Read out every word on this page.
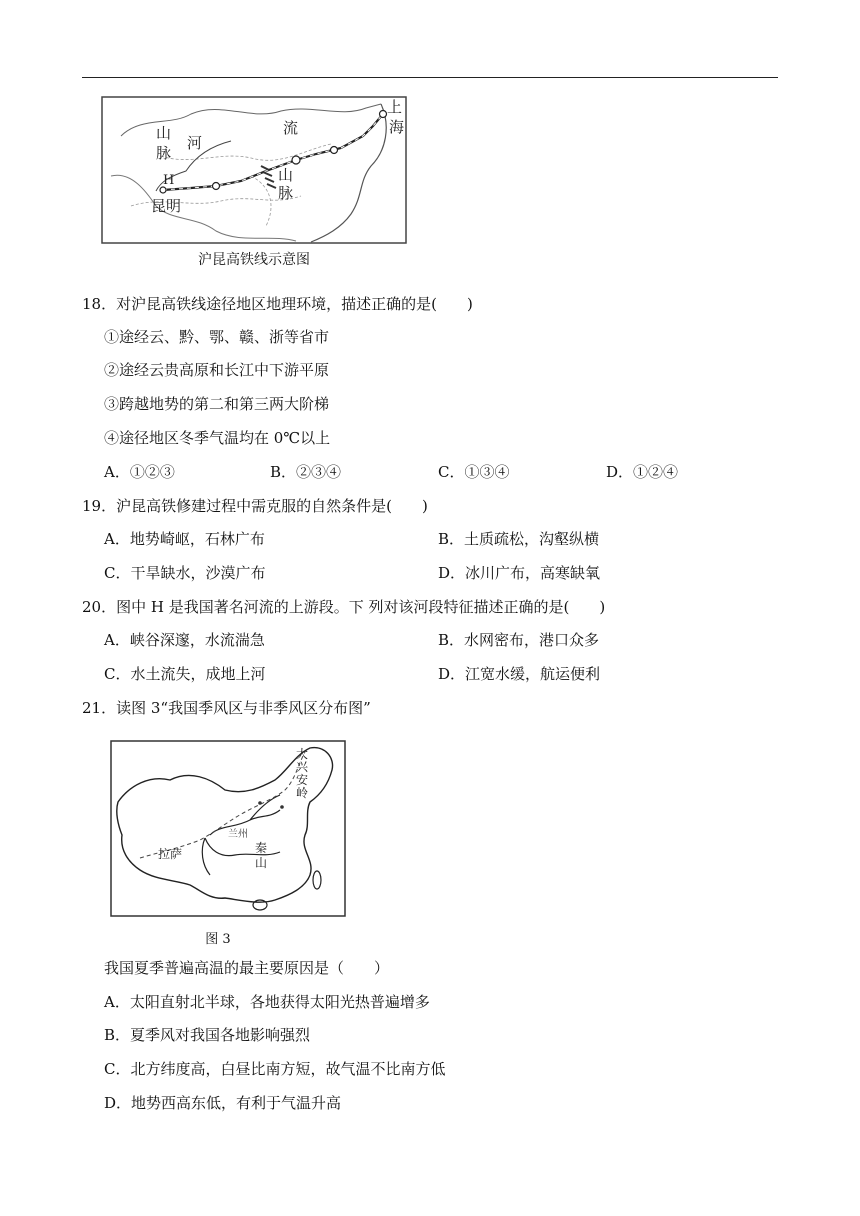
上
海
山
脉
河
流
山
脉
H
昆明
沪昆高铁线示意图
18．对沪昆高铁线途径地区地理环境，描述正确的是(　　)
①途经云、黔、鄂、赣、浙等省市
②途经云贵高原和长江中下游平原
③跨越地势的第二和第三两大阶梯
④途径地区冬季气温均在 0℃以上
A．①②③	B．②③④	C．①③④	D．①②④
19．沪昆高铁修建过程中需克服的自然条件是(　　)
A．地势崎岖，石林广布	B．土质疏松，沟壑纵横
C．干旱缺水，沙漠广布	D．冰川广布，高寒缺氧
20．图中 H 是我国著名河流的上游段。下 列对该河段特征描述正确的是(　　)
A．峡谷深邃，水流湍急	B．水网密布，港口众多
C．水土流失，成地上河	D．江宽水缓，航运便利
21．读图 3“我国季风区与非季风区分布图”
大
兴
安
岭
兰州
拉萨	秦
山
图 3
我国夏季普遍高温的最主要原因是（　　）
A．太阳直射北半球，各地获得太阳光热普遍增多
B．夏季风对我国各地影响强烈
C．北方纬度高，白昼比南方短，故气温不比南方低
D．地势西高东低，有利于气温升高
